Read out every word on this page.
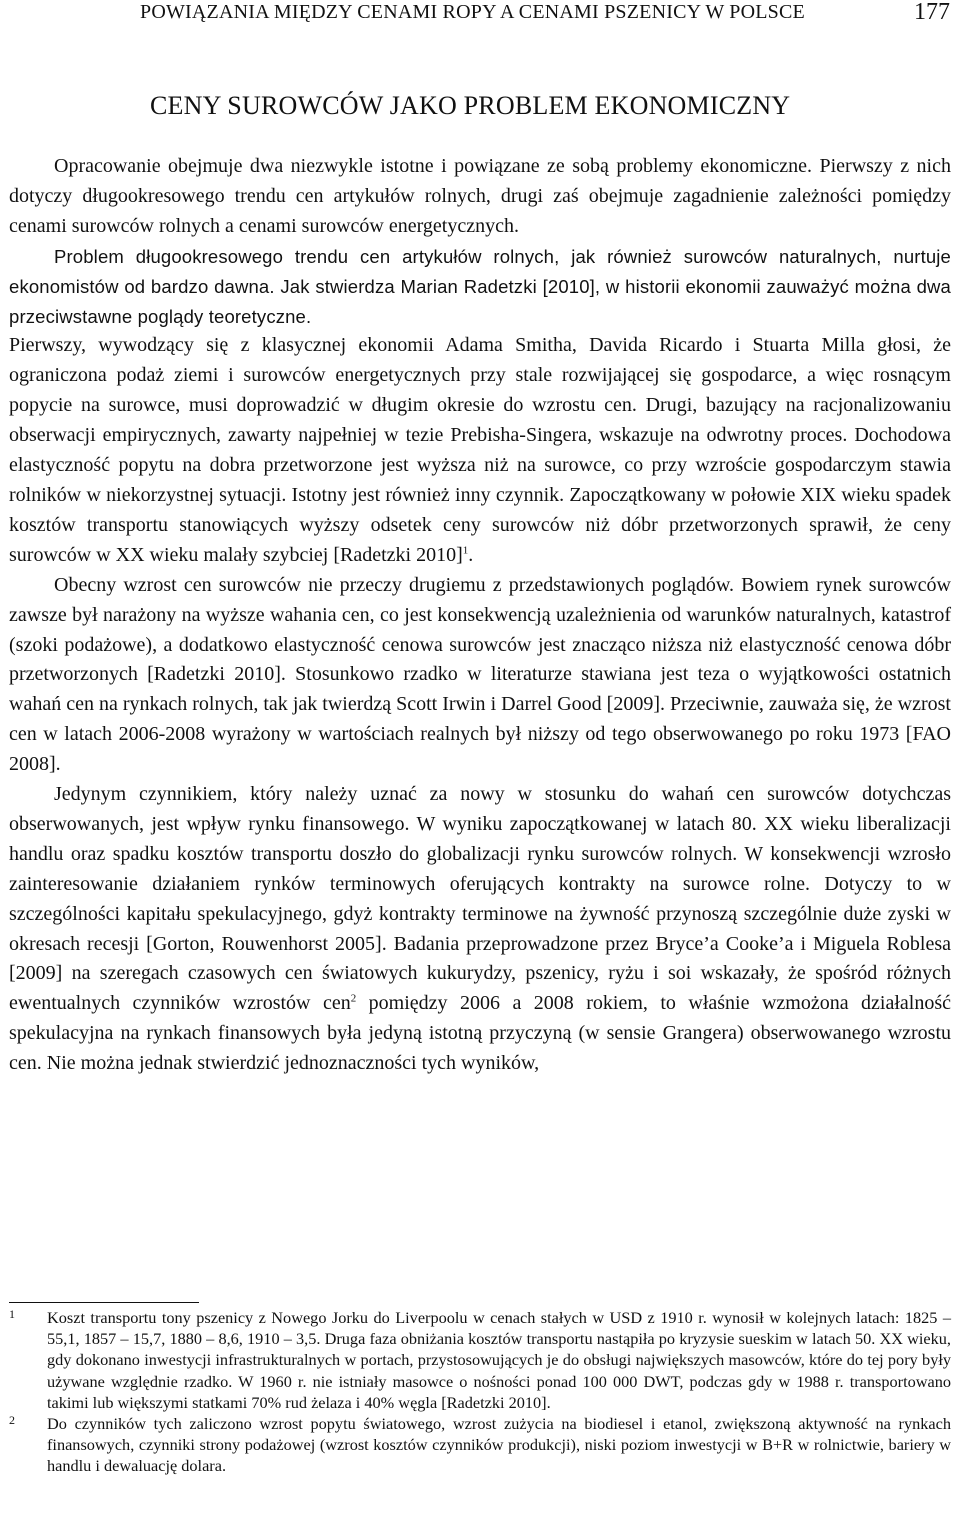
POWIĄZANIA MIĘDZY CENAMI ROPY A CENAMI PSZENICY W POLSCE	177
CENY SUROWCÓW JAKO PROBLEM EKONOMICZNY

Opracowanie obejmuje dwa niezwykle istotne i powiązane ze sobą problemy ekonomiczne. Pierwszy z nich dotyczy długookresowego trendu cen artykułów rolnych, drugi zaś obejmuje zagadnienie zależności pomiędzy cenami surowców rolnych a cenami surowców energetycznych.

Problem długookresowego trendu cen artykułów rolnych, jak również surowców naturalnych, nurtuje ekonomistów od bardzo dawna. Jak stwierdza Marian Radetzki [2010], w historii ekonomii zauważyć można dwa przeciwstawne poglądy teoretyczne.

Pierwszy, wywodzący się z klasycznej ekonomii Adama Smitha, Davida Ricardo i Stuarta Milla głosi, że ograniczona podaż ziemi i surowców energetycznych przy stale rozwijającej się gospodarce, a więc rosnącym popycie na surowce, musi doprowadzić w długim okresie do wzrostu cen. Drugi, bazujący na racjonalizowaniu obserwacji empirycznych, zawarty najpełniej w tezie Prebisha-Singera, wskazuje na odwrotny proces. Dochodowa elastyczność popytu na dobra przetworzone jest wyższa niż na surowce, co przy wzroście gospodarczym stawia rolników w niekorzystnej sytuacji. Istotny jest również inny czynnik. Zapoczątkowany w połowie XIX wieku spadek kosztów transportu stanowiących wyższy odsetek ceny surowców niż dóbr przetworzonych sprawił, że ceny surowców w XX wieku malały szybciej [Radetzki 2010]$^1$.

Obecny wzrost cen surowców nie przeczy drugiemu z przedstawionych poglądów. Bowiem rynek surowców zawsze był narażony na wyższe wahania cen, co jest konsekwencją uzależnienia od warunków naturalnych, katastrof (szoki podażowe), a dodatkowo elastyczność cenowa surowców jest znacząco niższa niż elastyczność cenowa dóbr przetworzonych [Radetzki 2010]. Stosunkowo rzadko w literaturze stawiana jest teza o wyjątkowości ostatnich wahań cen na rynkach rolnych, tak jak twierdzą Scott Irwin i Darrel Good [2009]. Przeciwnie, zauważa się, że wzrost cen w latach 2006-2008 wyrażony w wartościach realnych był niższy od tego obserwowanego po roku 1973 [FAO 2008].

Jedynym czynnikiem, który należy uznać za nowy w stosunku do wahań cen surowców dotychczas obserwowanych, jest wpływ rynku finansowego. W wyniku zapoczątkowanej w latach 80. XX wieku liberalizacji handlu oraz spadku kosztów transportu doszło do globalizacji rynku surowców rolnych. W konsekwencji wzrosło zainteresowanie działaniem rynków terminowych oferujących kontrakty na surowce rolne. Dotyczy to w szczególności kapitału spekulacyjnego, gdyż kontrakty terminowe na żywność przynoszą szczególnie duże zyski w okresach recesji [Gorton, Rouwenhorst 2005]. Badania przeprowadzone przez Bryce’a Cooke’a i Miguela Roblesa [2009] na szeregach czasowych cen światowych kukurydzy, pszenicy, ryżu i soi wskazały, że spośród różnych ewentualnych czynników wzrostów cen$^2$ pomiędzy 2006 a 2008 rokiem, to właśnie wzmożona działalność spekulacyjna na rynkach finansowych była jedyną istotną przyczyną (w sensie Grangera) obserwowanego wzrostu cen. Nie można jednak stwierdzić jednoznaczności tych wyników,

1 Koszt transportu tony pszenicy z Nowego Jorku do Liverpoolu w cenach stałych w USD z 1910 r. wynosił w kolejnych latach: 1825 – 55,1, 1857 – 15,7, 1880 – 8,6, 1910 – 3,5. Druga faza obniżania kosztów transportu nastąpiła po kryzysie sueskim w latach 50. XX wieku, gdy dokonano inwestycji infrastrukturalnych w portach, przystosowujących je do obsługi największych masowców, które do tej pory były używane względnie rzadko. W 1960 r. nie istniały masowce o nośności ponad 100 000 DWT, podczas gdy w 1988 r. transportowano takimi lub większymi statkami 70% rud żelaza i 40% węgla [Radetzki 2010].
2 Do czynników tych zaliczono wzrost popytu światowego, wzrost zużycia na biodiesel i etanol, zwiększoną aktywność na rynkach finansowych, czynniki strony podażowej (wzrost kosztów czynników produkcji), niski poziom inwestycji w B+R w rolnictwie, bariery w handlu i dewaluację dolara.
